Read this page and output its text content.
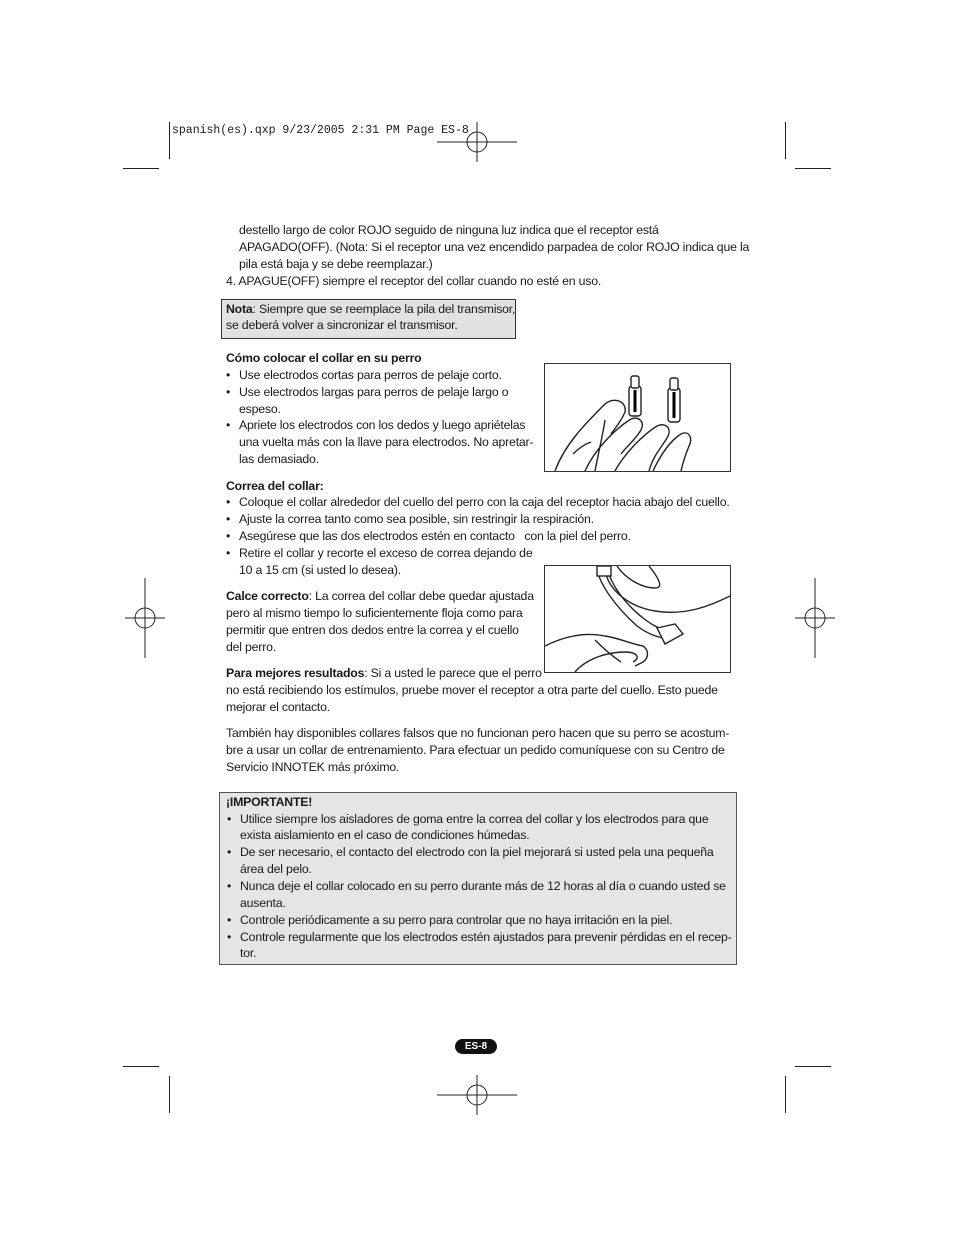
spanish(es).qxp 9/23/2005 2:31 PM Page ES-8
destello largo de color ROJO seguido de ninguna luz indica que el receptor está
APAGADO(OFF). (Nota: Si el receptor una vez encendido parpadea de color ROJO indica que la
pila está baja y se debe reemplazar.)
4. APAGUE(OFF) siempre el receptor del collar cuando no esté en uso.
Nota: Siempre que se reemplace la pila del transmisor,
se deberá volver a sincronizar el transmisor.
Cómo colocar el collar en su perro
• Use electrodos cortas para perros de pelaje corto.
• Use electrodos largas para perros de pelaje largo o
espeso.
• Apriete los electrodos con los dedos y luego apriételas
una vuelta más con la llave para electrodos. No apretar-
las demasiado.
Correa del collar:
• Coloque el collar alrededor del cuello del perro con la caja del receptor hacia abajo del cuello.
• Ajuste la correa tanto como sea posible, sin restringir la respiración.
• Asegúrese que las dos electrodos estén en contacto   con la piel del perro.
• Retire el collar y recorte el exceso de correa dejando de
10 a 15 cm (si usted lo desea).
Calce correcto: La correa del collar debe quedar ajustada
pero al mismo tiempo lo suficientemente floja como para
permitir que entren dos dedos entre la correa y el cuello
del perro.
Para mejores resultados: Si a usted le parece que el perro
no está recibiendo los estímulos, pruebe mover el receptor a otra parte del cuello. Esto puede
mejorar el contacto.
También hay disponibles collares falsos que no funcionan pero hacen que su perro se acostum-
bre a usar un collar de entrenamiento. Para efectuar un pedido comuníquese con su Centro de
Servicio INNOTEK más próximo.
¡IMPORTANTE!
• Utilice siempre los aisladores de goma entre la correa del collar y los electrodos para que
exista aislamiento en el caso de condiciones húmedas.
• De ser necesario, el contacto del electrodo con la piel mejorará si usted pela una pequeña
área del pelo.
• Nunca deje el collar colocado en su perro durante más de 12 horas al día o cuando usted se
ausenta.
• Controle periódicamente a su perro para controlar que no haya irritación en la piel.
• Controle regularmente que los electrodos estén ajustados para prevenir pérdidas en el recep-
tor.
ES-8
